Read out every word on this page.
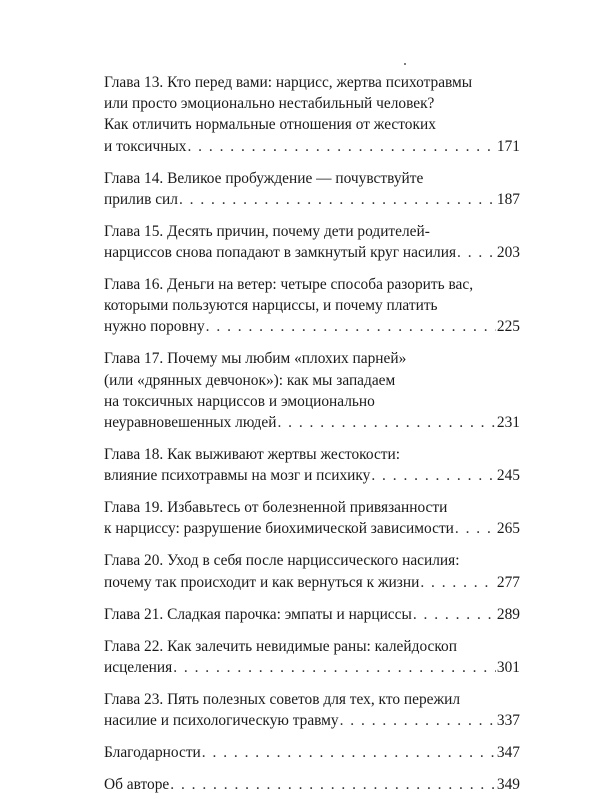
Глава 13. Кто перед вами: нарцисс, жертва психотравмы
или просто эмоционально нестабильный человек?
Как отличить нормальные отношения от жестоких
и токсичных . . .	171
Глава 14. Великое пробуждение — почувствуйте
прилив сил . . .	187
Глава 15. Десять причин, почему дети родителей-
нарциссов снова попадают в замкнутый круг насилия . . .	203
Глава 16. Деньги на ветер: четыре способа разорить вас,
которыми пользуются нарциссы, и почему платить
нужно поровну . . .	225
Глава 17. Почему мы любим «плохих парней»
(или «дрянных девчонок»): как мы западаем
на токсичных нарциссов и эмоционально
неуравновешенных людей . . .	231
Глава 18. Как выживают жертвы жестокости:
влияние психотравмы на мозг и психику . . .	245
Глава 19. Избавьтесь от болезненной привязанности
к нарциссу: разрушение биохимической зависимости . . .	265
Глава 20. Уход в себя после нарциссического насилия:
почему так происходит и как вернуться к жизни . . .	277
Глава 21. Сладкая парочка: эмпаты и нарциссы . . .	289
Глава 22. Как залечить невидимые раны: калейдоскоп
исцеления . . .	301
Глава 23. Пять полезных советов для тех, кто пережил
насилие и психологическую травму . . .	337
Благодарности . . .	347
Об авторе . . .	349
